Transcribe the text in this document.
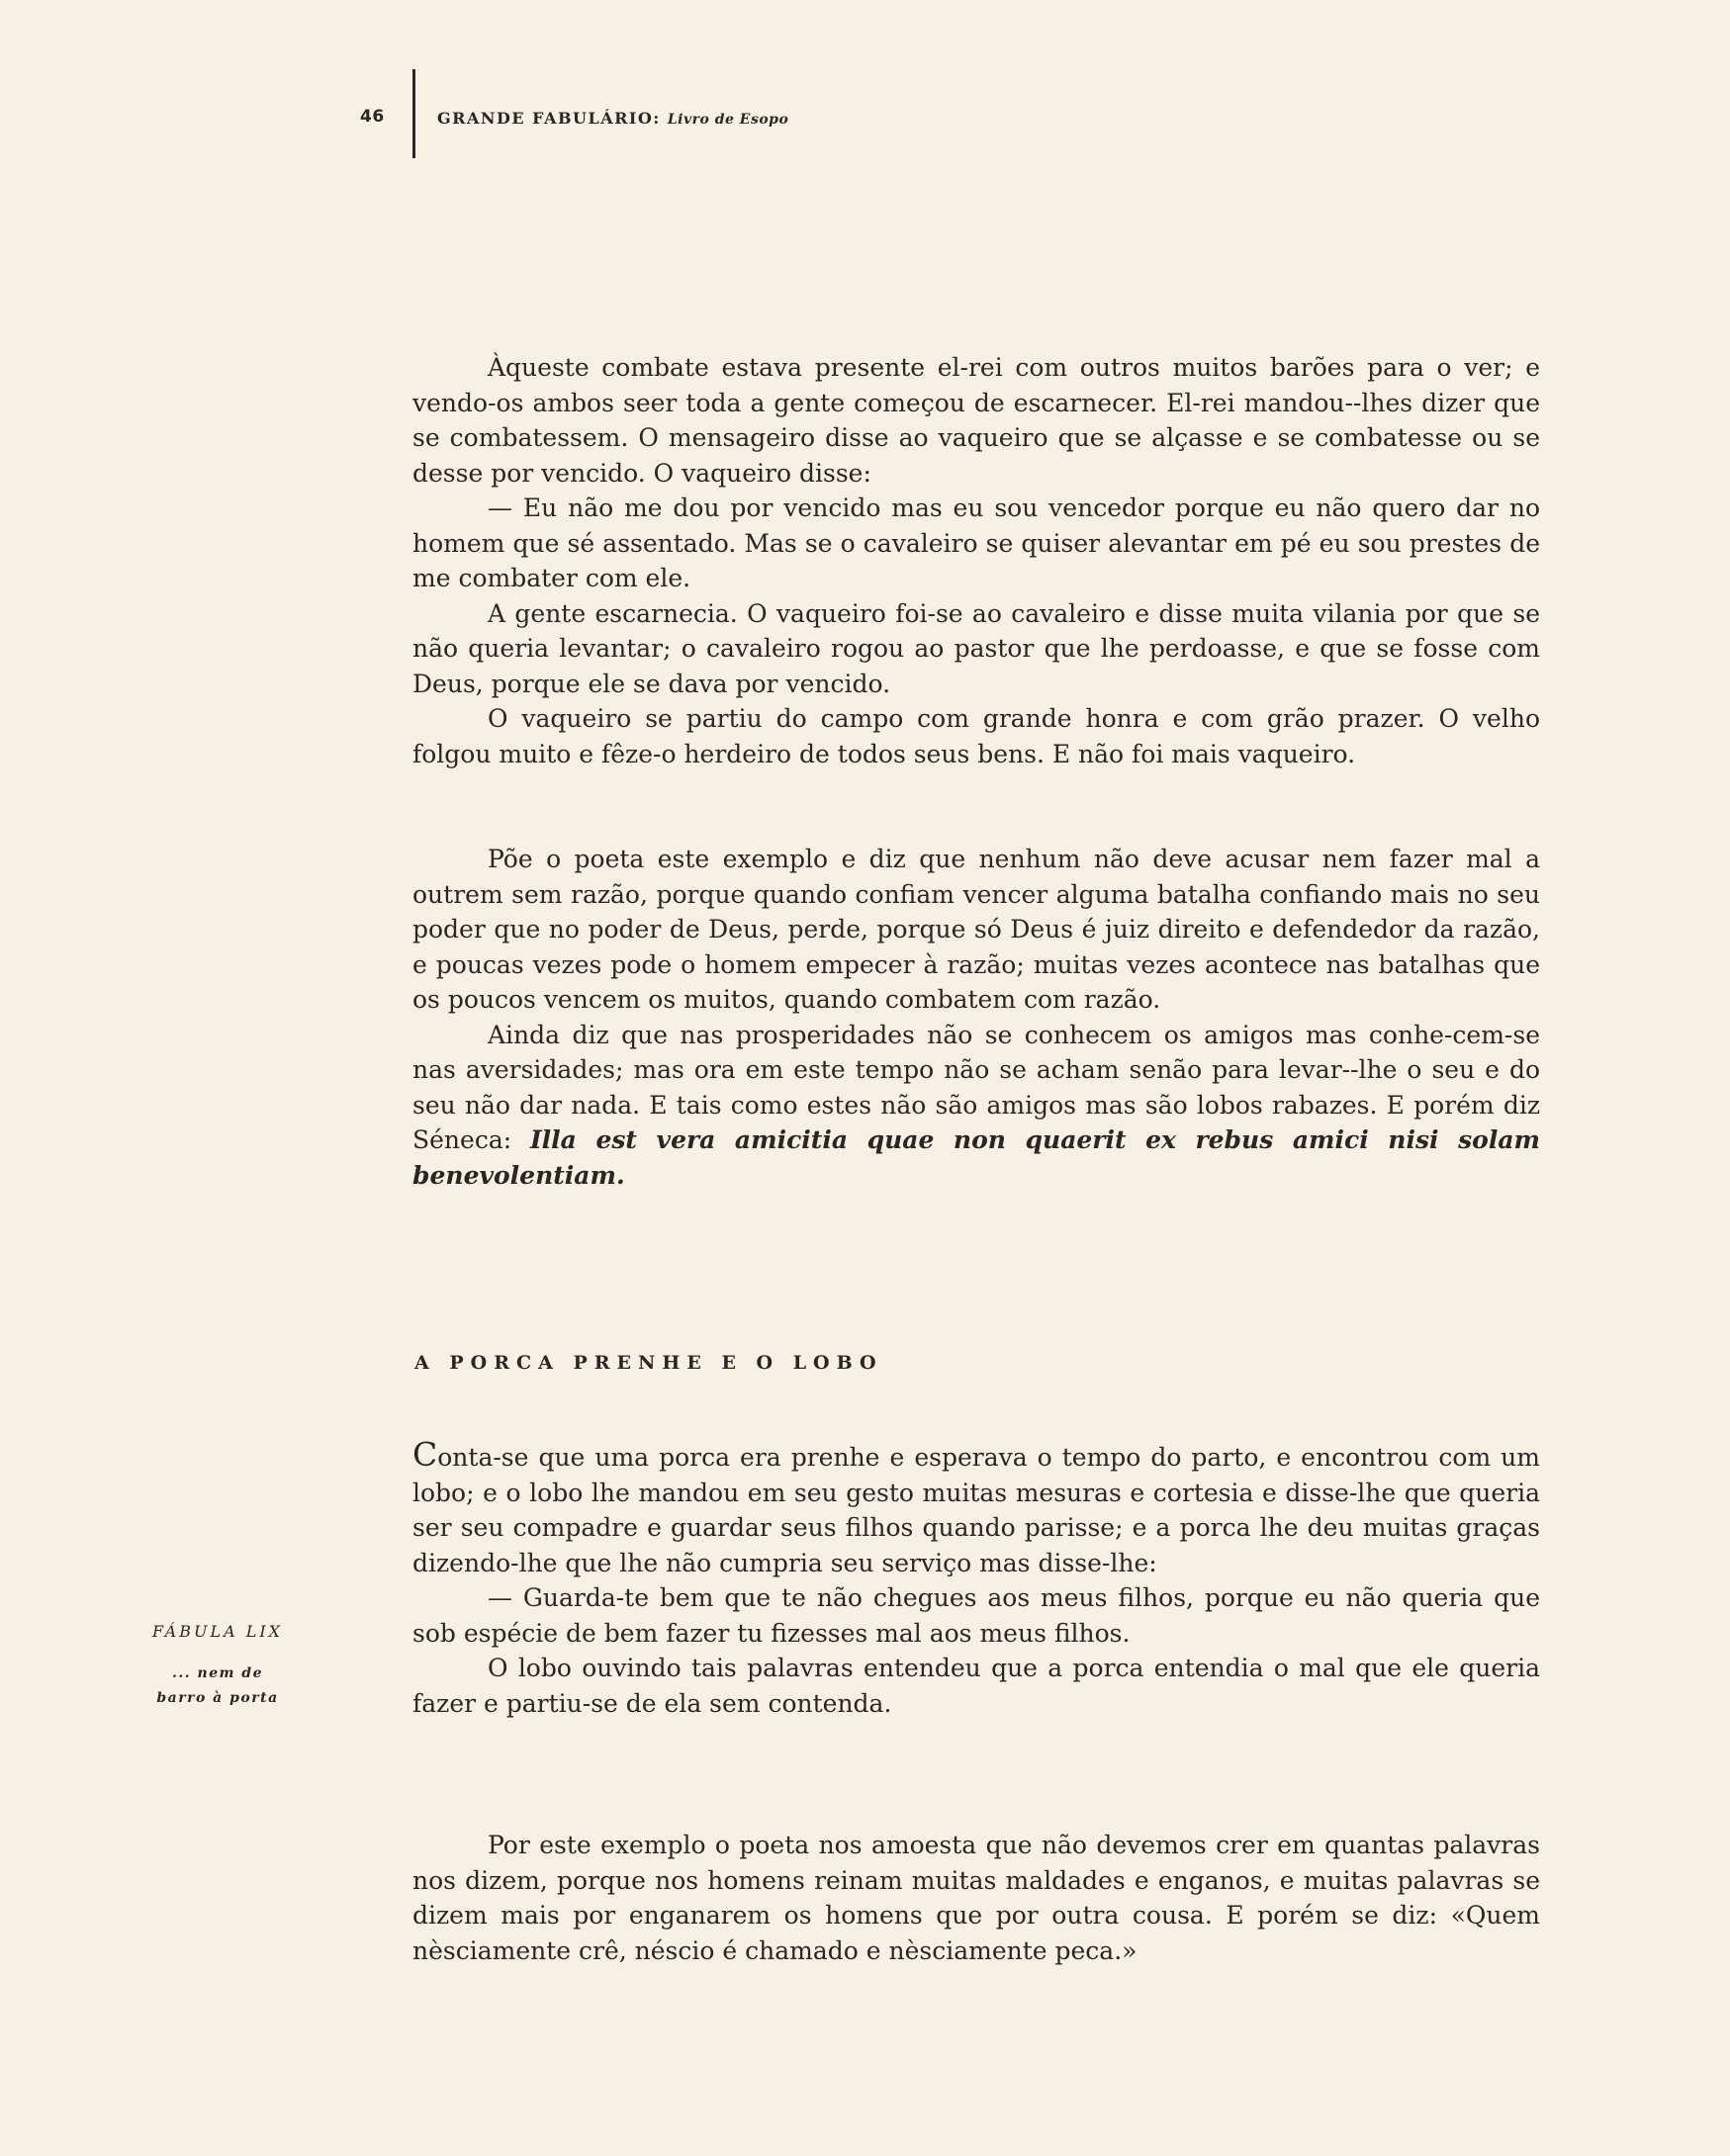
46	GRANDE FABULÁRIO: Livro de Esopo

Àqueste combate estava presente el-rei com outros muitos barões para o ver; e vendo-os ambos seer toda a gente começou de escarnecer. El-rei mandou--lhes dizer que se combatessem. O mensageiro disse ao vaqueiro que se alçasse e se combatesse ou se desse por vencido. O vaqueiro disse:

— Eu não me dou por vencido mas eu sou vencedor porque eu não quero dar no homem que sé assentado. Mas se o cavaleiro se quiser alevantar em pé eu sou prestes de me combater com ele.

A gente escarnecia. O vaqueiro foi-se ao cavaleiro e disse muita vilania por que se não queria levantar; o cavaleiro rogou ao pastor que lhe perdoasse, e que se fosse com Deus, porque ele se dava por vencido.

O vaqueiro se partiu do campo com grande honra e com grão prazer. O velho folgou muito e fêze-o herdeiro de todos seus bens. E não foi mais vaqueiro.

Põe o poeta este exemplo e diz que nenhum não deve acusar nem fazer mal a outrem sem razão, porque quando confiam vencer alguma batalha confiando mais no seu poder que no poder de Deus, perde, porque só Deus é juiz direito e defendedor da razão, e poucas vezes pode o homem empecer à razão; muitas vezes acontece nas batalhas que os poucos vencem os muitos, quando combatem com razão.

Ainda diz que nas prosperidades não se conhecem os amigos mas conhe-cem-se nas aversidades; mas ora em este tempo não se acham senão para levar--lhe o seu e do seu não dar nada. E tais como estes não são amigos mas são lobos rabazes. E porém diz Séneca: Illa est vera amicitia quae non quaerit ex rebus amici nisi solam benevolentiam.

A PORCA PRENHE E O LOBO

Conta-se que uma porca era prenhe e esperava o tempo do parto, e encontrou com um lobo; e o lobo lhe mandou em seu gesto muitas mesuras e cortesia e disse-lhe que queria ser seu compadre e guardar seus filhos quando parisse; e a porca lhe deu muitas graças dizendo-lhe que lhe não cumpria seu serviço mas disse-lhe:

— Guarda-te bem que te não chegues aos meus filhos, porque eu não queria que sob espécie de bem fazer tu fizesses mal aos meus filhos.

O lobo ouvindo tais palavras entendeu que a porca entendia o mal que ele queria fazer e partiu-se de ela sem contenda.

FÁBULA LIX
... nem de
barro à porta

Por este exemplo o poeta nos amoesta que não devemos crer em quantas palavras nos dizem, porque nos homens reinam muitas maldades e enganos, e muitas palavras se dizem mais por enganarem os homens que por outra cousa. E porém se diz: «Quem nèsciamente crê, néscio é chamado e nèsciamente peca.»
